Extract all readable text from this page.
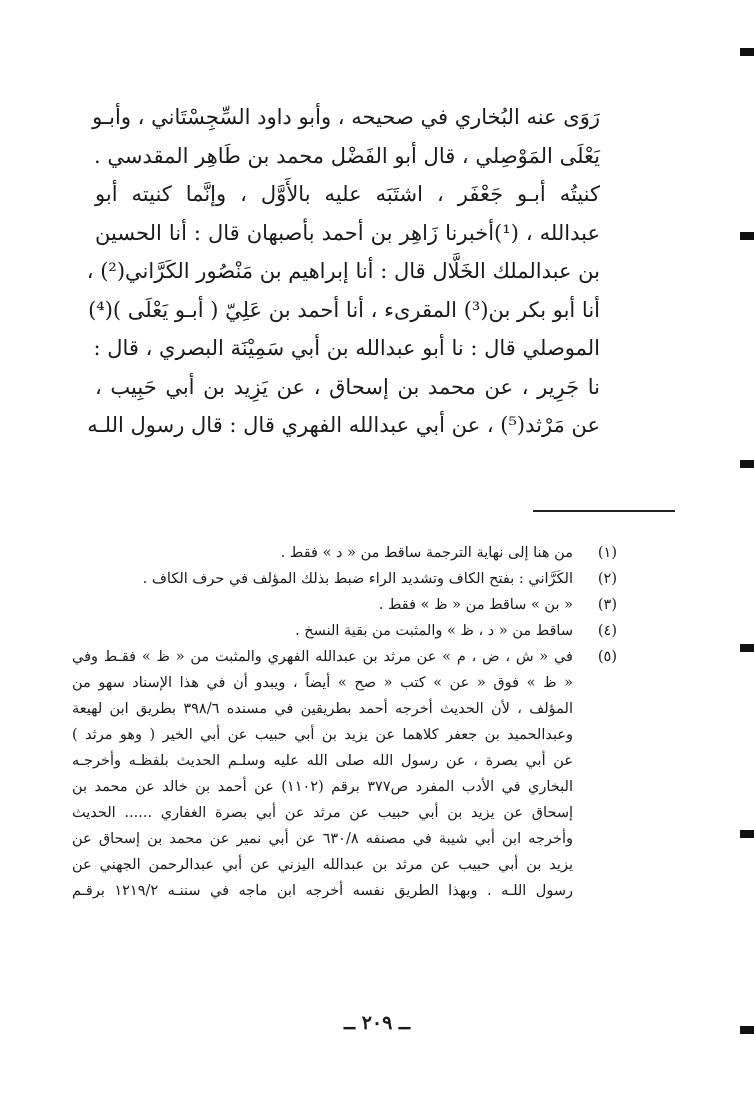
رَوَى عنه البُخاري في صحيحه ، وأبو داود السِّجِسْتَاني ، وأبـو
يَعْلَى المَوْصِلي ، قال أبو الفَضْل محمد بن طَاهِر المقدسي .
كنيتُه أبـو جَعْفَر ، اشتَبَه عليه بالأَوَّل ، وإنَّما كنيته أبو
عبدالله ، (¹)أخبرنا زَاهِر بن أحمد بأصبهان قال : أنا الحسين
بن عبدالملك الخَلَّال قال : أنا إبراهيم بن مَنْصُور الكَرَّاني(²) ،
أنا أبو بكر بن(³) المقرىء ، أنا أحمد بن عَلِيّ ( أبـو يَعْلَى )(⁴)
الموصلي قال : نا أبو عبدالله بن أبي سَمِيْنَة البصري ، قال :
نا جَرِير ، عن محمد بن إسحاق ، عن يَزِيد بن أبي حَبِيب ،
عن مَرْثد(⁵) ، عن أبي عبدالله الفهري قال : قال رسول اللـه
(١)
من هنا إلى نهاية الترجمة ساقط من « د » فقط .
(٢)
الكَرَّاني : بفتح الكاف وتشديد الراء ضبط بذلك المؤلف في حرف الكاف .
(٣)
« بن » ساقط من « ظ » فقط .
(٤)
ساقط من « د ، ظ » والمثبت من بقية النسخ .
(٥)
في « ش ، ض ، م » عن مرثد بن عبدالله الفهري والمثبت من « ظ » فقـط وفي
« ظ » فوق « عن » كتب « صح » أيضاً ، ويبدو أن في هذا الإسناد سهو من
المؤلف ، لأن الحديث أخرجه أحمد بطريقين في مسنده ٣٩٨/٦ بطريق ابن لهيعة
وعبدالحميد بن جعفر كلاهما عن يزيد بن أبي حبيب عن أبي الخير ( وهو مرثد )
عن أبي بصرة ، عن رسول الله صلى الله عليه وسلـم الحديث بلفظـه وأخرجـه
البخاري في الأدب المفرد ص٣٧٧ برقم (١١٠٢) عن أحمد بن خالد عن محمد بن
إسحاق عن يزيد بن أبي حبيب عن مرثد عن أبي بصرة الغفاري ...... الحديث
وأخرجه ابن أبي شيبة في مصنفه ٦٣٠/٨ عن أبي نمير عن محمد بن إسحاق عن
يزيد بن أبي حبيب عن مرثد بن عبدالله اليزني عن أبي عبدالرحمن الجهني عن
رسول اللـه . وبهذا الطريق نفسه أخرجه ابن ماجه في سننـه ١٢١٩/٢ برقـم
ــ ٢٠٩ ــ
